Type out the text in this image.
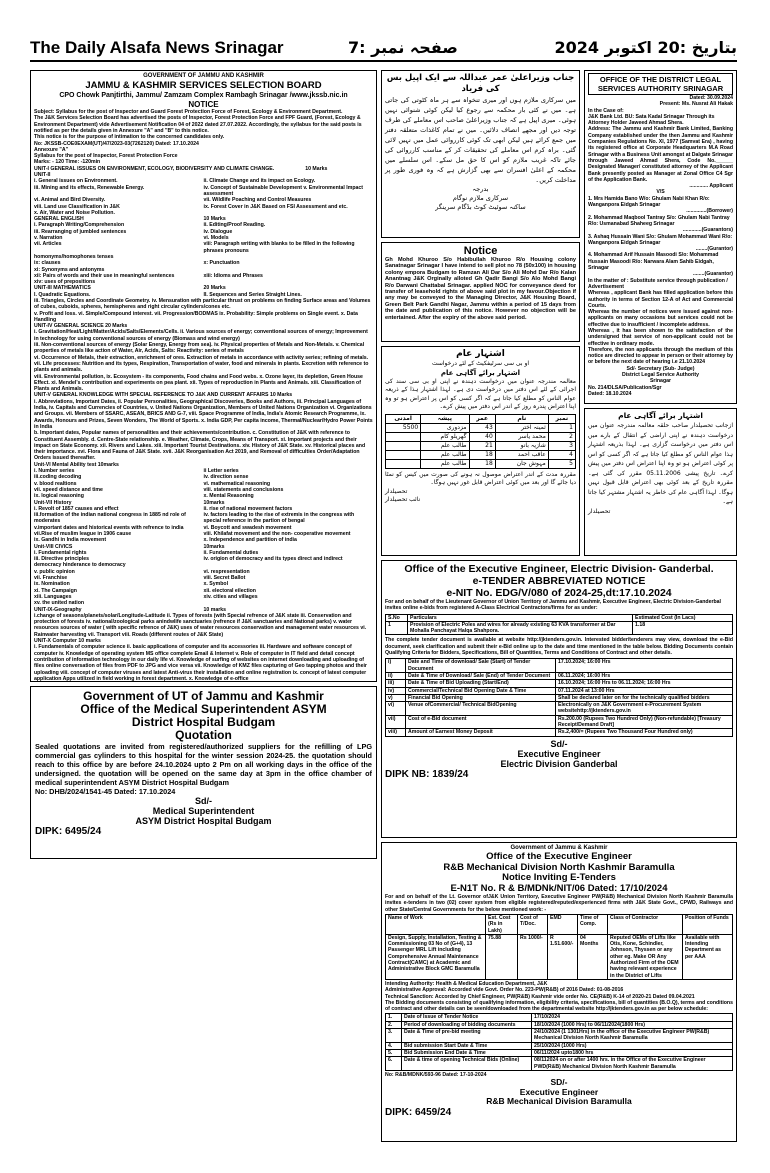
The Daily Alsafa News Srinagar	صفحہ نمبر :7	بتاریخ :20 اکتوبر 2024
GOVERNMENT OF JAMMU AND KASHMIR
JAMMU & KASHMIR SERVICES SELECTION BOARD
CPO Chowk Panjtirthi, Jammu/ Zamzam Complex Rambagh Srinagar /www.jkssb.nic.in
NOTICE
Subject: Syllabus for the post of Inspector and Guard Forest Protection Force of Forest, Ecology & Environment Department.
The J&K Services Selection Board has advertised the posts of Inspector, Forest Protection Force and FPF Guard, (Forest, Ecology & Environment Department) vide Advertisement Notification 04 of 2022 dated 27.07.2022. Accordingly, the syllabus for the said posts is notified as per the details given in Annexure "A" and "B" to this notice.
This notice is for the purpose of intimation to the concerned candidates only.
No: JKSSB-COE0EXAM(UT)/47/2023-03(7262120) Dated: 17.10.2024
Annexure "A"
Syllabus for the post of Inspector, Forest Protection Force
Marks: - 120 Time: -120min
UNIT-I GENERAL ISSUES ON ENVIRONMENT, ECOLOGY, BIODIVERSITY AND CLIMATE CHANGE.	10 Marks
UNIT-II
i. General issues on Environment.	ii. Climate Change and its impact on Ecology.
iii. Mining and its effects, Renewable Energy.	iv. Concept of Sustainable Development v. Environmental Impact assessment
vi. Animal and Bird Diversity.	vii. Wildlife Poaching and Control Measures
viii. Land use Classification in J&K	ix. Forest Cover in J&K Based on FSI Assessment and etc.
x. Air, Water and Noise Pollution.
GENERAL ENGLISH	10 Marks
i. Paragraph Writing/Comprehension	ii. Editing/Proof Reading.
iii. Rearranging of jumbled sentences	iv. Dialogue
v. Narration	vi. Models
vii. Articles	viii: Paragraph writing with blanks to be filled in the following phrases pronouns
homonyms/homophones tenses
ix: clauses	x: Punctuation
xi: Synonyms and antonyms
xii: Pairs of words and their use in meaningful sentences	xiii: Idioms and Phrases
xiv: uses of prepositions
UNIT-III MATHEMATICS	20 Marks
I. Quadratic Equations.	II. Sequences and Series Straight Lines.
iii. Triangles, Circles and Coordinate Geometry. iv. Mensuration with particular thrust on problems on finding Surface areas and Volumes of cubes, cuboids, spheres, hemispheres and right circular cylinders/cones etc.
v. Profit and loss. vi. Simple/Compound interest. vii. Progression/BODMAS ix. Probability: Simple problems on Single event. x. Data Handling
UNIT-IV GENERAL SCIENCE 20 Marks
i. Gravitation/Heat/Light/Matter/Acids/Salts/Elements/Cells. ii. Various sources of energy; conventional sources of energy; Improvement in technology for using conventional sources of energy (Biomass and wind energy)
iii. Non-conventional sources of energy (Solar Energy, Energy from sea). iv. Physical properties of Metals and Non-Metals. v. Chemical properties of metals like action of Water, Air, Acids, Salts: Reactivity: series of metals
vi. Occurrence of Metals, their extraction, enrichment of ores. Extraction of metals in accordance with activity series; refining of metals. vii. Life processes: Nutrition and its types, Respiration, Transportation of water, food and minerals in plants. Excretion with reference to plants and animals.
viii. Environmental pollution, ix. Ecosystem - its components, Food chains and Food webs. x. Ozone layer, its depletion, Green House Effect. xi. Mendel's contribution and experiments on pea plant. xii. Types of reproduction in Plants and Animals. xiii. Classification of Plants and Animals.
UNIT-V GENERAL KNOWLEDGE WITH SPECIAL REFERENCE TO J&K AND CURRENT AFFAIRS 10 Marks
i. Abbreviations, Important Dates, ii. Popular Personalities, Geographical Discoveries, Books and Authors, iii. Principal Languages of India, iv. Capitals and Currencies of Countries, v. United Nations Organization, Members of United Nations Organization vi. Organizations and Groups. vii. Members of SSARC, ASEAN, BRICS AND G-7, viii. Space Programme of India, India's Atomic Research Programme, ix. Awards, Honours and Prizes, Seven Wonders, The World of Sports. x. India GDP, Per capita income, Thermal/Nuclear/Hydro Power Points in India
b. Important dates, Popular names of personalities and their achievements/contribution. c. Constitution of J&K with reference to Constituent Assembly. d. Centre-State relationship. e. Weather, Climate, Crops, Means of Transport. xi. Important projects and their impact on State Economy. xii. Rivers and Lakes. xiii. Important Tourist Destinations. xiv. History of J&K State. xv. Historical places and their importance. xvi. Flora and Fauna of J&K State. xvii. J&K Reorganisation Act 2019, and Removal of difficulties Order/Adaptation Orders issued thereafter.
Unit-VI Mental Ability test 10marks
i. Number series	ii Letter series
iii.coding decoding	iv. direction sense
v. blood realtions	vi. mathematical reasoning
vii. speed distance and time	viii. statements and conclusions
ix. logical reasoning	x. Mental Reasoning
Unit-VII History	10marks
i. Revolt of 1857 causes and effect	ii. rise of national movement factors
iii.formation of the indian national congress in 1885 nd role of moderates
iv. factors leading to the rise of extremis in the congress with special reference in the partion of bengal
v.important dates and historical events with refrence to india	vi. Boycott and swadesh movement
vii.Rise of muslim league in 1906 cause	viii. Khilafat movement and the non- cooperative movement
ix. Gandhi in India movement	x. Independence and partition of india
Unit-VIII CIVICS	10marks
i. Fundamental rights	ii. Fundamental duties
iii. Directive principles	iv. origion of democracy and its types direct and indirect
democracy hinderance to democracy
v. public opinion	vi. respresentation
vii. Franchise	viii. Secret Ballot
ix. Nomination	x. Symbol
xi. The Campaign	xii. electoral eilection
xiii. Languages	xiv. cities and villages
xv. the united nation
UNIT-IX-Geography	10 marks
i.change of seasons/planets/solar/Longitude-Latitude ii. Types of forests (with Special refrence of J&K state iii. Conservation and protection of forests iv. national/zoological parks anindwlife sanctuaries (refrence if J&K sanctuaries and National parks) v. water resources sources of water ( with specific refrence of J&K) uses of water resources conservation and management water resources vi. Rainwater harvesting vii. Transport viii. Roads (different routes of J&K State)
UNIT-X Computer 10 marks
i. Fundamentals of computer science ii. basic applications of computer and its accessories iii. Hardware and software concept of computer iv. Knowledge of operating system MS office complete Email & Internet v. Role of computer in IT field and detail concept contribution of information technology in our daily life vi. Knowledge of surfing of websites on internet downloading and uploading of files online conversation of files from PDF to JPG and vice versa vii. Knowledge of KMZ files capturing of Geo tapping photos and their uploading viii. concept of computer viruses and latest Anti-virus their installation and online registration ix. concept of latest computer application Apps utilized in field working in forest department. x. Knowledge of e-office
Government of UT of Jammu and Kashmir
Office of the Medical Superintendent ASYM
District Hospital Budgam
Quotation
Sealed quotations are invited from registered/authorized suppliers for the refilling of LPG commercial gas cylinders to this hospital for the winter session 2024-25. the quotation should reach to this office by are before 24.10.2024 upto 2 Pm on all working days in the office of the undersigned. the quotation will be opened on the same day at 3pm in the office chamber of medical superintendent ASYM District Hospital Budgam
No: DHB/2024/1541-45 Dated: 17.10.2024
Sd/-
Medical Superintendent
ASYM District Hospital Budgam
DIPK: 6495/24
جناب وزیراعلیٰ عمر عبداللہ سے ایک اپیل بس کی فریاد
میں سرکاری ملازم ہوں اور میری تنخواہ سے ہر ماہ کٹوتی کی جاتی ہے۔ میں نے کئی بار محکمہ سے رجوع کیا لیکن کوئی شنوائی نہیں ہوئی۔ میری اپیل ہے کہ جناب وزیراعلیٰ صاحب اس معاملے کی طرف توجہ دیں اور مجھے انصاف دلائیں۔ میں نے تمام کاغذات متعلقہ دفتر میں جمع کرائے ہیں لیکن ابھی تک کوئی کارروائی عمل میں نہیں لائی گئی۔ براہ کرم اس معاملے کی تحقیقات کر کے مناسب کارروائی کی جائے تاکہ غریب ملازم کو اس کا حق مل سکے۔ اس سلسلے میں محکمہ کے اعلیٰ افسران سے بھی گزارش ہے کہ وہ فوری طور پر مداخلت کریں۔
بدرجہ
سرکاری ملازم نوگام
ساکنہ سوئیٹ کوٹ بڈگام سرینگر
Notice
Gh Mohd Khuroo S/o Habibullah Khuroo R/o Housing colony Sanatnagar Srinagar I have intend to sell plot no 78 (50x100) in housing colony empora Budgam to Ramzan Ali Dar S/o Ali Mohd Dar R/o Kalan Anantnag J&K Orginally alloted Gh Qadir Bangi S/o Alo Mohd Bangi R/o Darwani Chattabal Srinagar. applied NOC for conveyance deed for transfer of leasehold rights of above said plot in my favour.Objection if any may be conveyed to the Managing Director, J&K Housing Board, Green Belt Park Gandhi Nagar, Jammu within a period of 15 days from the date and publication of this notice. However no objection will be entertained. After the expiry of the above said period.
اشتہار عام
او بی سی سرٹیفکیٹ کے لئے درخواست
اشتہار برائے آگاہی عام
معالمہ مندرجہ عنوان میں درخواست دہندہ نے اپنی او بی سی سند کی اجرائی کے لئے اس دفتر میں درخواست دی ہے۔ لہذا اشتہار ہذا کے ذریعہ عوام الناس کو مطلع کیا جاتا ہے کہ اگر کسی کو اس پر اعتراض ہو تو وہ اپنا اعتراض پندرہ روز کے اندر اس دفتر میں پیش کرے۔
نمبر	نام	عمر	پیشہ	آمدنی
1	ثمینہ اختر	43	مزدوری	5500
2	محمد یاسر	40	گھریلو کام	
3	شازیہ بانو	21	طالب علم	
4	عاقب احمد	18	طالب علم	
5	مہوش جان	18	طالب علم	
مقررہ مدت کے اندر اعتراض موصول نہ ہونے کی صورت میں کیس کو نمٹا دیا جائے گا اور بعد میں کوئی اعتراض قابل غور نہیں ہوگا۔
تحصیلدار
نائب تحصیلدار
OFFICE OF THE DISTRICT LEGAL SERVICES AUTHORITY SRINAGAR
Dated: 30.09.2024
Present: Ms. Nusrat Ali Hakak
In the Case of:
J&K Bank Ltd. BU: Sata Kadal Srinagar Through its Attorney Holder Jaweed Ahmad Shera.
Address: The Jammu and Kashmir Bank Limited, Banking Company established under the then Jammu and Kashmir Companies Regulations No. XI, 1977 (Samvat Era) , having its registered office at Corporate Headquarters M.A Road Srinagar with a Business Unit amongst at Dalgate Srinagar through Jaweed Ahmad Shera, Code No.______ Designated Manager/ constituted attorney of the Applicant Bank presently posted as Manager at Zonal Office C4 Sgr of the Application Bank.
............. Applicant
V/S
1. Mrs Hamida Bano W/o: Ghulam Nabi Khan R/o: Wanganpora Eidgah Srinagar
..............(Borrower)
2. Mohammad Maqbool Tantray S/o: Ghulam Nabi Tantray R/o: Usmanabad Shaheeg Srinagar
.............(Guarantors)
3. Ashaq Hussain Wani S/o: Ghulam Mohammad Wani R/o: Wanganpora Eidgah Srinagar
........(Gurantor)
4. Mohammad Arif Hussain Masoodi S/o: Mohammad Hussain Masoodi R/o: Narwara Alam Sahib Eidgah, Srinagar
........(Guarantor)
In the matter of : Substitute service through publication / Advertisement
Whereas , applicant Bank has filled application before this authority in terms of Section 12-A of Act and Commercial Courts.
Whereas the number of notices were issued against non-applicants on many occasions but services could not be effective due to insufficient / incomplete address.
Whereas , it has been shown to the satisfaction of the undersigned that service of non-applicant could not be effective in ordinary mode.
Therefore, the non applicants through the medium of this notice are directed to appear in person or their attorney by or before the next date of hearing i.e 21.10.2024
Sd/- Secretary (Sub- Judge)
District Legal Service Authority
Srinagar
No. 214/DLSA/Publication/Sgr
Dated: 18.10.2024
اشتہار برائے آگاہی عام
ازجانب تحصیلدار صاحب حلقہ معالمہ مندرجہ عنوان میں درخواست دہندہ نے اپنی اراضی کے انتقال کے بارے میں اس دفتر میں درخواست گزاری ہے۔ لہذا بذریعہ اشتہار ہذا عوام الناس کو مطلع کیا جاتا ہے کہ اگر کسی کو اس پر کوئی اعتراض ہو تو وہ اپنا اعتراض اس دفتر میں پیش کرے۔ تاریخ پیشی 05.11.2006 مقرر کی گئی ہے۔ مقررہ تاریخ کے بعد کوئی بھی اعتراض قابل قبول نہیں ہوگا۔ لہذا آگاہی عام کی خاطر یہ اشتہار مشتہر کیا جاتا ہے۔
تحصیلدار
Office of the Executive Engineer, Electric Division- Ganderbal.
e-TENDER ABBREVIATED NOTICE
e-NIT No. EDG/V/080 of 2024-25,dt:17.10.2024
For and on behalf of the Lieutenant Governor of Union Territory of Jammu and Kashmir, Executive Engineer, Electric Division-Ganderbal invites online e-bids from registered A-Class Electrical Contractors/firms for as under:
S.No	Particulars	Estimated Cost (In Lacs)
1	Provision of Electric Poles and wires for already existing 63 KVA transformer at Dar Mohalla Panchayat Halqa Shahpora.	1.18
The complete tender document is available at website http://jktenders.gov.in. Interested bidder/tenderers may view, download the e-Bid document, seek clarification and submit their e-Bid online up to the date and time mentioned in the table below. Bidding Documents contain Qualifying Criteria for Bidders, Specifications, Bill of Quantities, Terms and Conditions of Contract and other details.
i)	Date and Time of download/ Sale (Start) of Tender Document	17.10.2024; 16:00 Hrs
ii)	Date & Time of Download/ Sale (End) of Tender Document	06.11.2024; 16:00 Hrs
iii)	Date & Time of Bid Uploading (Start/End)	16.10.2024; 16:00 Hrs to 06.11.2024; 16:00 Hrs
iv)	Commercial/Technical Bid Opening Date & Time	07.11.2024 at 13:00 Hrs
v)	Financial Bid Opening	Shall be declared later on for the technically qualified bidders
vi)	Venue ofCommercial/ Technical BidOpening	Electronically on J&K Government e-Procurement System websitehttp://jktenders.gov.in
vii)	Cost of e-Bid document	Rs.200.00 (Rupees Two Hundred Only) (Non-refundable) [Treasury Receipt/Demand Draft]
viii)	Amount of Earnest Money Deposit	Rs.2,400/= (Rupees Two Thousand Four Hundred only)
Sd/-
Executive Engineer
Electric Division Ganderbal
DIPK NB: 1839/24
Government of Jammu & Kashmir
Office of the Executive Engineer
R&B Mechanical Division North Kashmir Baramulla
Notice Inviting E-Tenders
E-N1T No. R & B/MDNk/NIT/06 Dated: 17/10/2024
For and on behalf of the Lt. Governor ofJ&K Union Territory, Executive Engineer PW(R&B) Mechanical Division North Kashmir Baramulla invites e-tenders in two (02) cover system from eligible registered/reputed/experienced firms with J&K State Govt., CPWD, Railways and other State/Central Governments for the below mentioned work: -
Name of Work	Est. Cost (Rs in Lakh)	Cost of T/Doc.	EMD	Time of Comp.	Class of Contractor	Position of Funds
Design, Supply, Installation, Testing & Commissioning 03 No of (G+4), 13 Passenger MRL Lift including Comprehensive Annual Maintenance Contract(CAMC) at Academic and Administrative Block GMC Baramulla	75.88	Rs 1000/-	R 1.51.600/-	04 Months	Reputed OEMs of Lifts like Otis, Kone, Schindler, Johnson, Thyssen or any other eg. Make OR Any Authorized Firm of the OEM having relevant experience in the District of Lifts	Available with Intending Department as per AAA
Intending Authority: Health & Medical Education Department, J&K
Administrative Approval: Accorded vide Govt. Order No. 223-PW(R&B) of 2016 Dated: 01-08-2016
Technical Sanction: Accorded by Chief Engineer, PW(R&B) Kashmir vide order No. CE(R&B) K-14 of 2020-21 Dated 09.04.2021
The Bidding documents consisting of qualifying information, eligibility criteria, specifications, bill of quantities (B.O.Q), terms and conditions of contract and other details can be seen/downloaded from the departmental website http://jktenders.gov.in as per below schedule:
1.	Date of Issue of Tender Notice	17/10/2024
2.	Period of downloading of bidding documents	18/10/2024 (1000 Hrs) to 06/11/2024(1800 Hrs)
3.	Date & Time of pre-bid meeting	24/10/2024 (1 1301Hrs) in the office of the Executive Engineer PW(R&B) Mechanical Division North Kashmir Baramulla
4.	Bid submission Start Date & Time	25/10/2024 (1000 Hrs)
5.	Bid Submission End Date & Time	06/11/2024 upto1800 hrs
6.	Date & time of opening Technical Bids (Online)	08/112024 on or after 1400 hrs. in the Office of the Executive Engineer PWD(R&B) Mechanical Division North Kashmir Baramulla
No: R&B/MDNK/593-96 Dated: 17-10-2024
SD/-
Executive Engineer
R&B Mechanical Division Baramulla
DIPK: 6459/24
